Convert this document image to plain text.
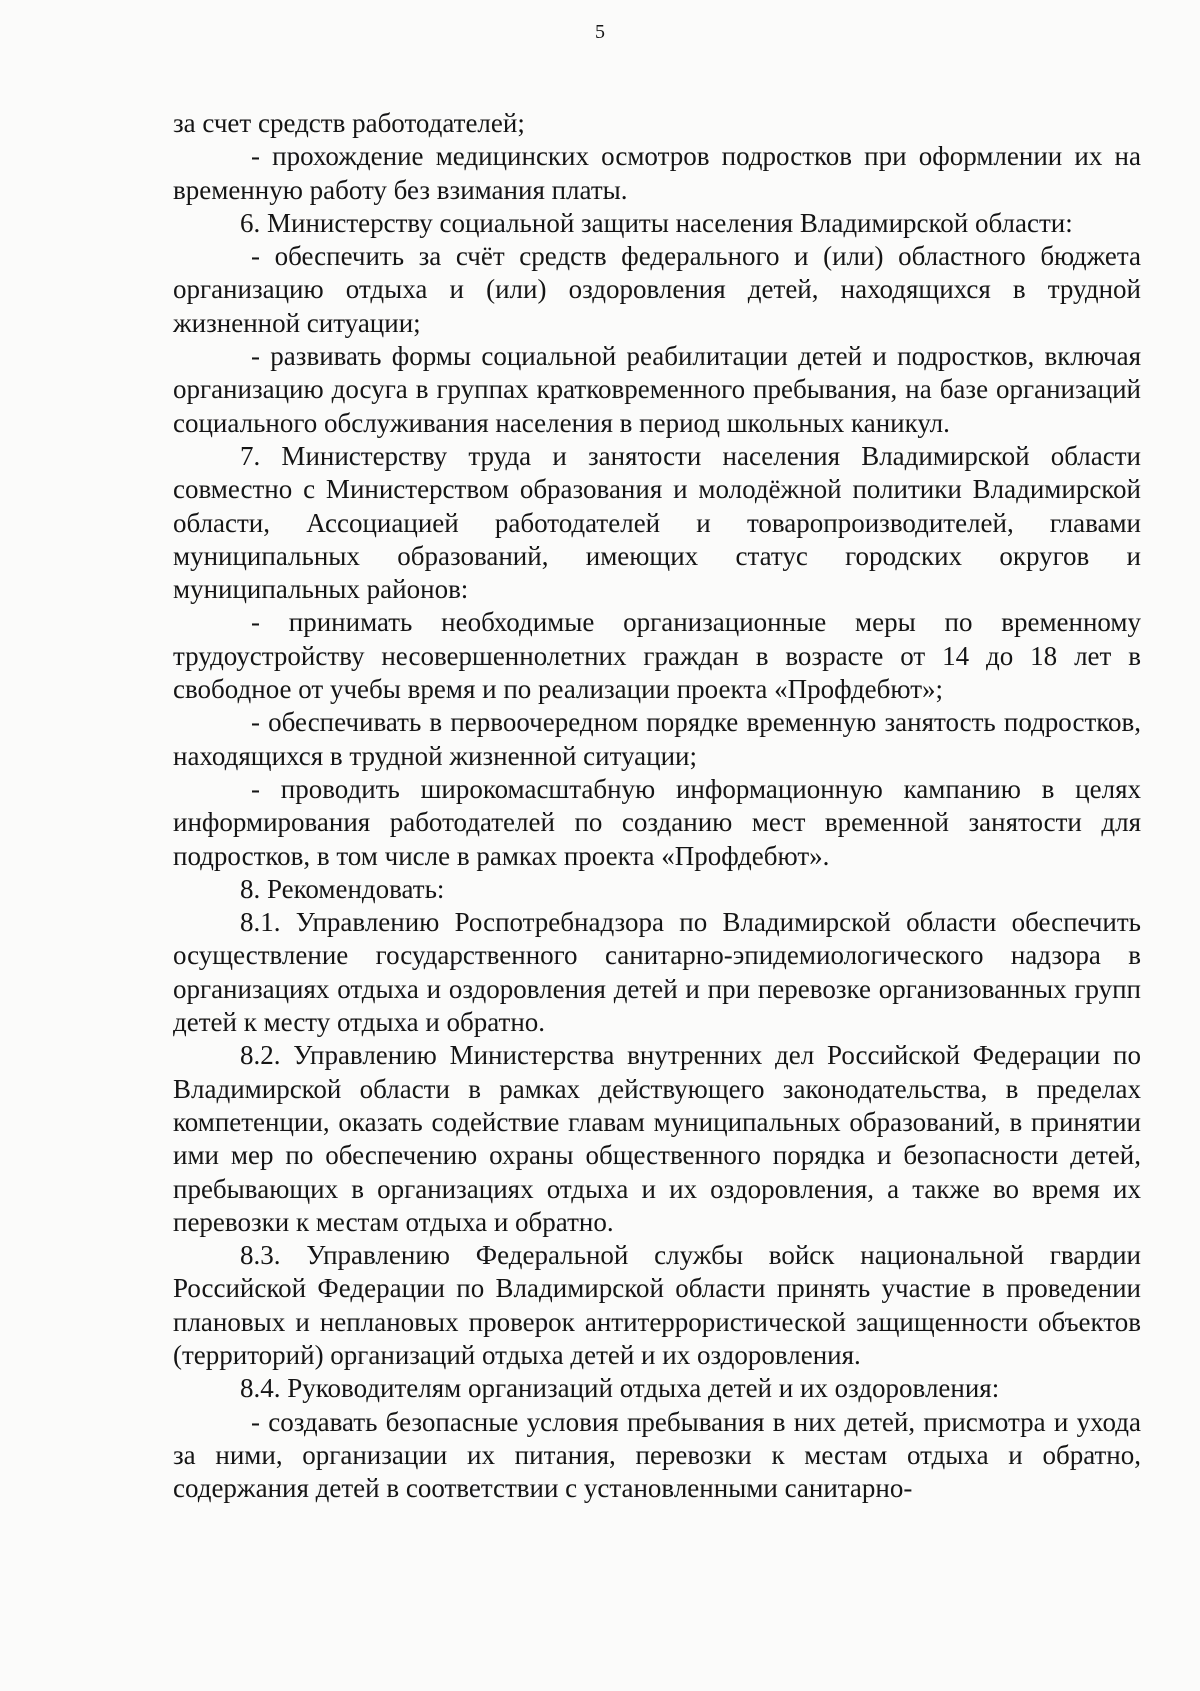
5

за счет средств работодателей;

- прохождение медицинских осмотров подростков при оформлении их на временную работу без взимания платы.

6. Министерству социальной защиты населения Владимирской области:

- обеспечить за счёт средств федерального и (или) областного бюджета организацию отдыха и (или) оздоровления детей, находящихся в трудной жизненной ситуации;

- развивать формы социальной реабилитации детей и подростков, включая организацию досуга в группах кратковременного пребывания, на базе организаций социального обслуживания населения в период школьных каникул.

7. Министерству труда и занятости населения Владимирской области совместно с Министерством образования и молодёжной политики Владимирской области, Ассоциацией работодателей и товаропроизводителей, главами муниципальных образований, имеющих статус городских округов и муниципальных районов:

- принимать необходимые организационные меры по временному трудоустройству несовершеннолетних граждан в возрасте от 14 до 18 лет в свободное от учебы время и по реализации проекта «Профдебют»;

- обеспечивать в первоочередном порядке временную занятость подростков, находящихся в трудной жизненной ситуации;

- проводить широкомасштабную информационную кампанию в целях информирования работодателей по созданию мест временной занятости для подростков, в том числе в рамках проекта «Профдебют».

8. Рекомендовать:

8.1. Управлению Роспотребнадзора по Владимирской области обеспечить осуществление государственного санитарно-эпидемиологического надзора в организациях отдыха и оздоровления детей и при перевозке организованных групп детей к месту отдыха и обратно.

8.2. Управлению Министерства внутренних дел Российской Федерации по Владимирской области в рамках действующего законодательства, в пределах компетенции, оказать содействие главам муниципальных образований, в принятии ими мер по обеспечению охраны общественного порядка и безопасности детей, пребывающих в организациях отдыха и их оздоровления, а также во время их перевозки к местам отдыха и обратно.

8.3. Управлению Федеральной службы войск национальной гвардии Российской Федерации по Владимирской области принять участие в проведении плановых и неплановых проверок антитеррористической защищенности объектов (территорий) организаций отдыха детей и их оздоровления.

8.4. Руководителям организаций отдыха детей и их оздоровления:

- создавать безопасные условия пребывания в них детей, присмотра и ухода за ними, организации их питания, перевозки к местам отдыха и обратно, содержания детей в соответствии с установленными санитарно-
